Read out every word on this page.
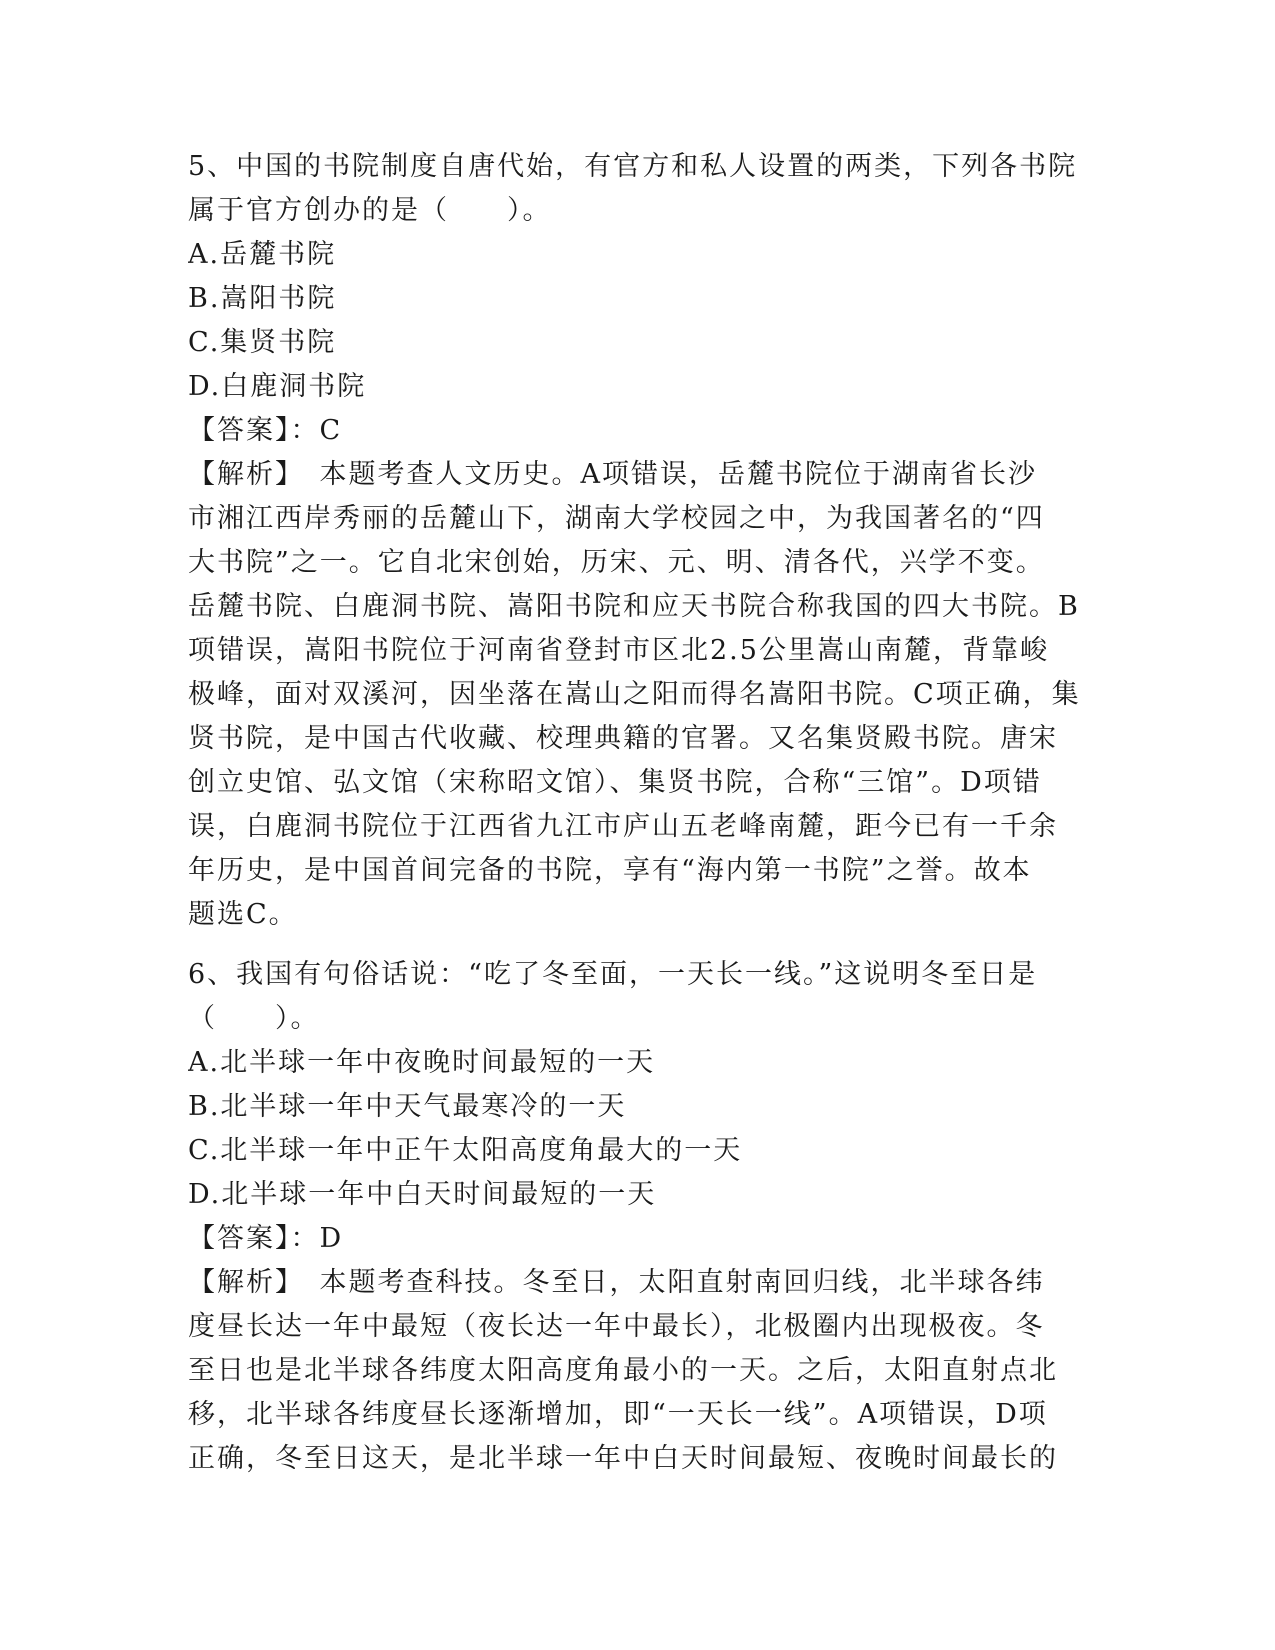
5、中国的书院制度自唐代始，有官方和私人设置的两类，下列各书院
属于官方创办的是（　　）。
A.岳麓书院
B.嵩阳书院
C.集贤书院
D.白鹿洞书院
【答案】：C
【解析】　本题考查人文历史。A项错误，岳麓书院位于湖南省长沙
市湘江西岸秀丽的岳麓山下，湖南大学校园之中，为我国著名的“四
大书院”之一。它自北宋创始，历宋、元、明、清各代，兴学不变。
岳麓书院、白鹿洞书院、嵩阳书院和应天书院合称我国的四大书院。B
项错误，嵩阳书院位于河南省登封市区北2.5公里嵩山南麓，背靠峻
极峰，面对双溪河，因坐落在嵩山之阳而得名嵩阳书院。C项正确，集
贤书院，是中国古代收藏、校理典籍的官署。又名集贤殿书院。唐宋
创立史馆、弘文馆（宋称昭文馆）、集贤书院，合称“三馆”。D项错
误，白鹿洞书院位于江西省九江市庐山五老峰南麓，距今已有一千余
年历史，是中国首间完备的书院，享有“海内第一书院”之誉。故本
题选C。
6、我国有句俗话说：“吃了冬至面，一天长一线。”这说明冬至日是
（　　）。
A.北半球一年中夜晚时间最短的一天
B.北半球一年中天气最寒冷的一天
C.北半球一年中正午太阳高度角最大的一天
D.北半球一年中白天时间最短的一天
【答案】：D
【解析】　本题考查科技。冬至日，太阳直射南回归线，北半球各纬
度昼长达一年中最短（夜长达一年中最长），北极圈内出现极夜。冬
至日也是北半球各纬度太阳高度角最小的一天。之后，太阳直射点北
移，北半球各纬度昼长逐渐增加，即“一天长一线”。A项错误，D项
正确，冬至日这天，是北半球一年中白天时间最短、夜晚时间最长的
